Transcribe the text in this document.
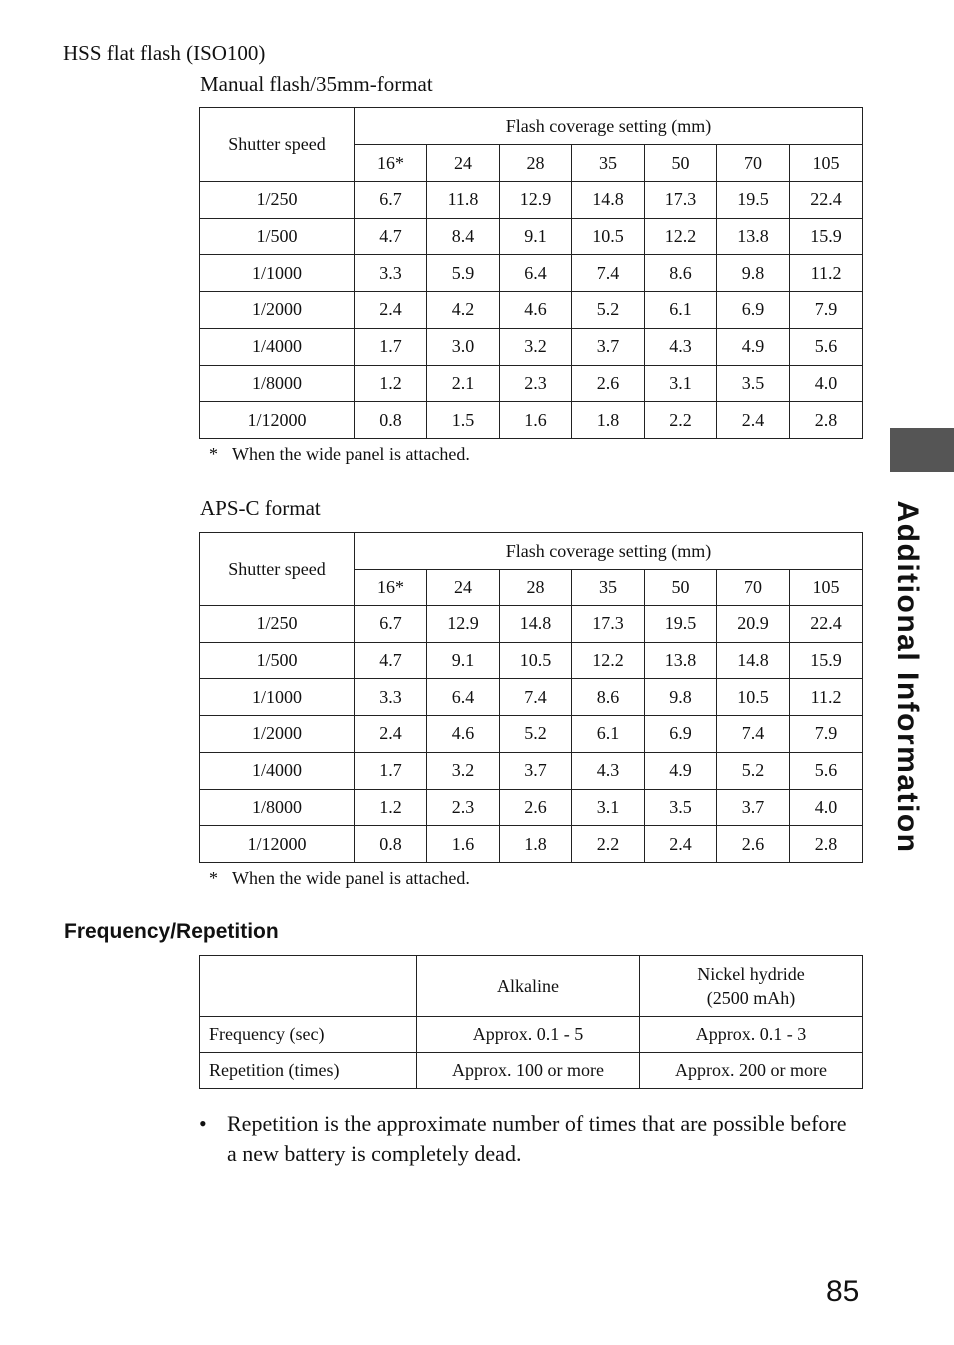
HSS flat flash (ISO100)
Manual flash/35mm-format
Shutter speed	Flash coverage setting (mm)						
	16*	24	28	35	50	70	105
1/250	6.7	11.8	12.9	14.8	17.3	19.5	22.4
1/500	4.7	8.4	9.1	10.5	12.2	13.8	15.9
1/1000	3.3	5.9	6.4	7.4	8.6	9.8	11.2
1/2000	2.4	4.2	4.6	5.2	6.1	6.9	7.9
1/4000	1.7	3.0	3.2	3.7	4.3	4.9	5.6
1/8000	1.2	2.1	2.3	2.6	3.1	3.5	4.0
1/12000	0.8	1.5	1.6	1.8	2.2	2.4	2.8
* When the wide panel is attached.
APS-C format
Shutter speed	Flash coverage setting (mm)						
	16*	24	28	35	50	70	105
1/250	6.7	12.9	14.8	17.3	19.5	20.9	22.4
1/500	4.7	9.1	10.5	12.2	13.8	14.8	15.9
1/1000	3.3	6.4	7.4	8.6	9.8	10.5	11.2
1/2000	2.4	4.6	5.2	6.1	6.9	7.4	7.9
1/4000	1.7	3.2	3.7	4.3	4.9	5.2	5.6
1/8000	1.2	2.3	2.6	3.1	3.5	3.7	4.0
1/12000	0.8	1.6	1.8	2.2	2.4	2.6	2.8
* When the wide panel is attached.
Frequency/Repetition
	Alkaline	Nickel hydride
(2500 mAh)

Frequency (sec)	Approx. 0.1 - 5	Approx. 0.1 - 3
Repetition (times)	Approx. 100 or more	Approx. 200 or more
• Repetition is the approximate number of times that are possible before a new battery is completely dead.
Additional Information
85
